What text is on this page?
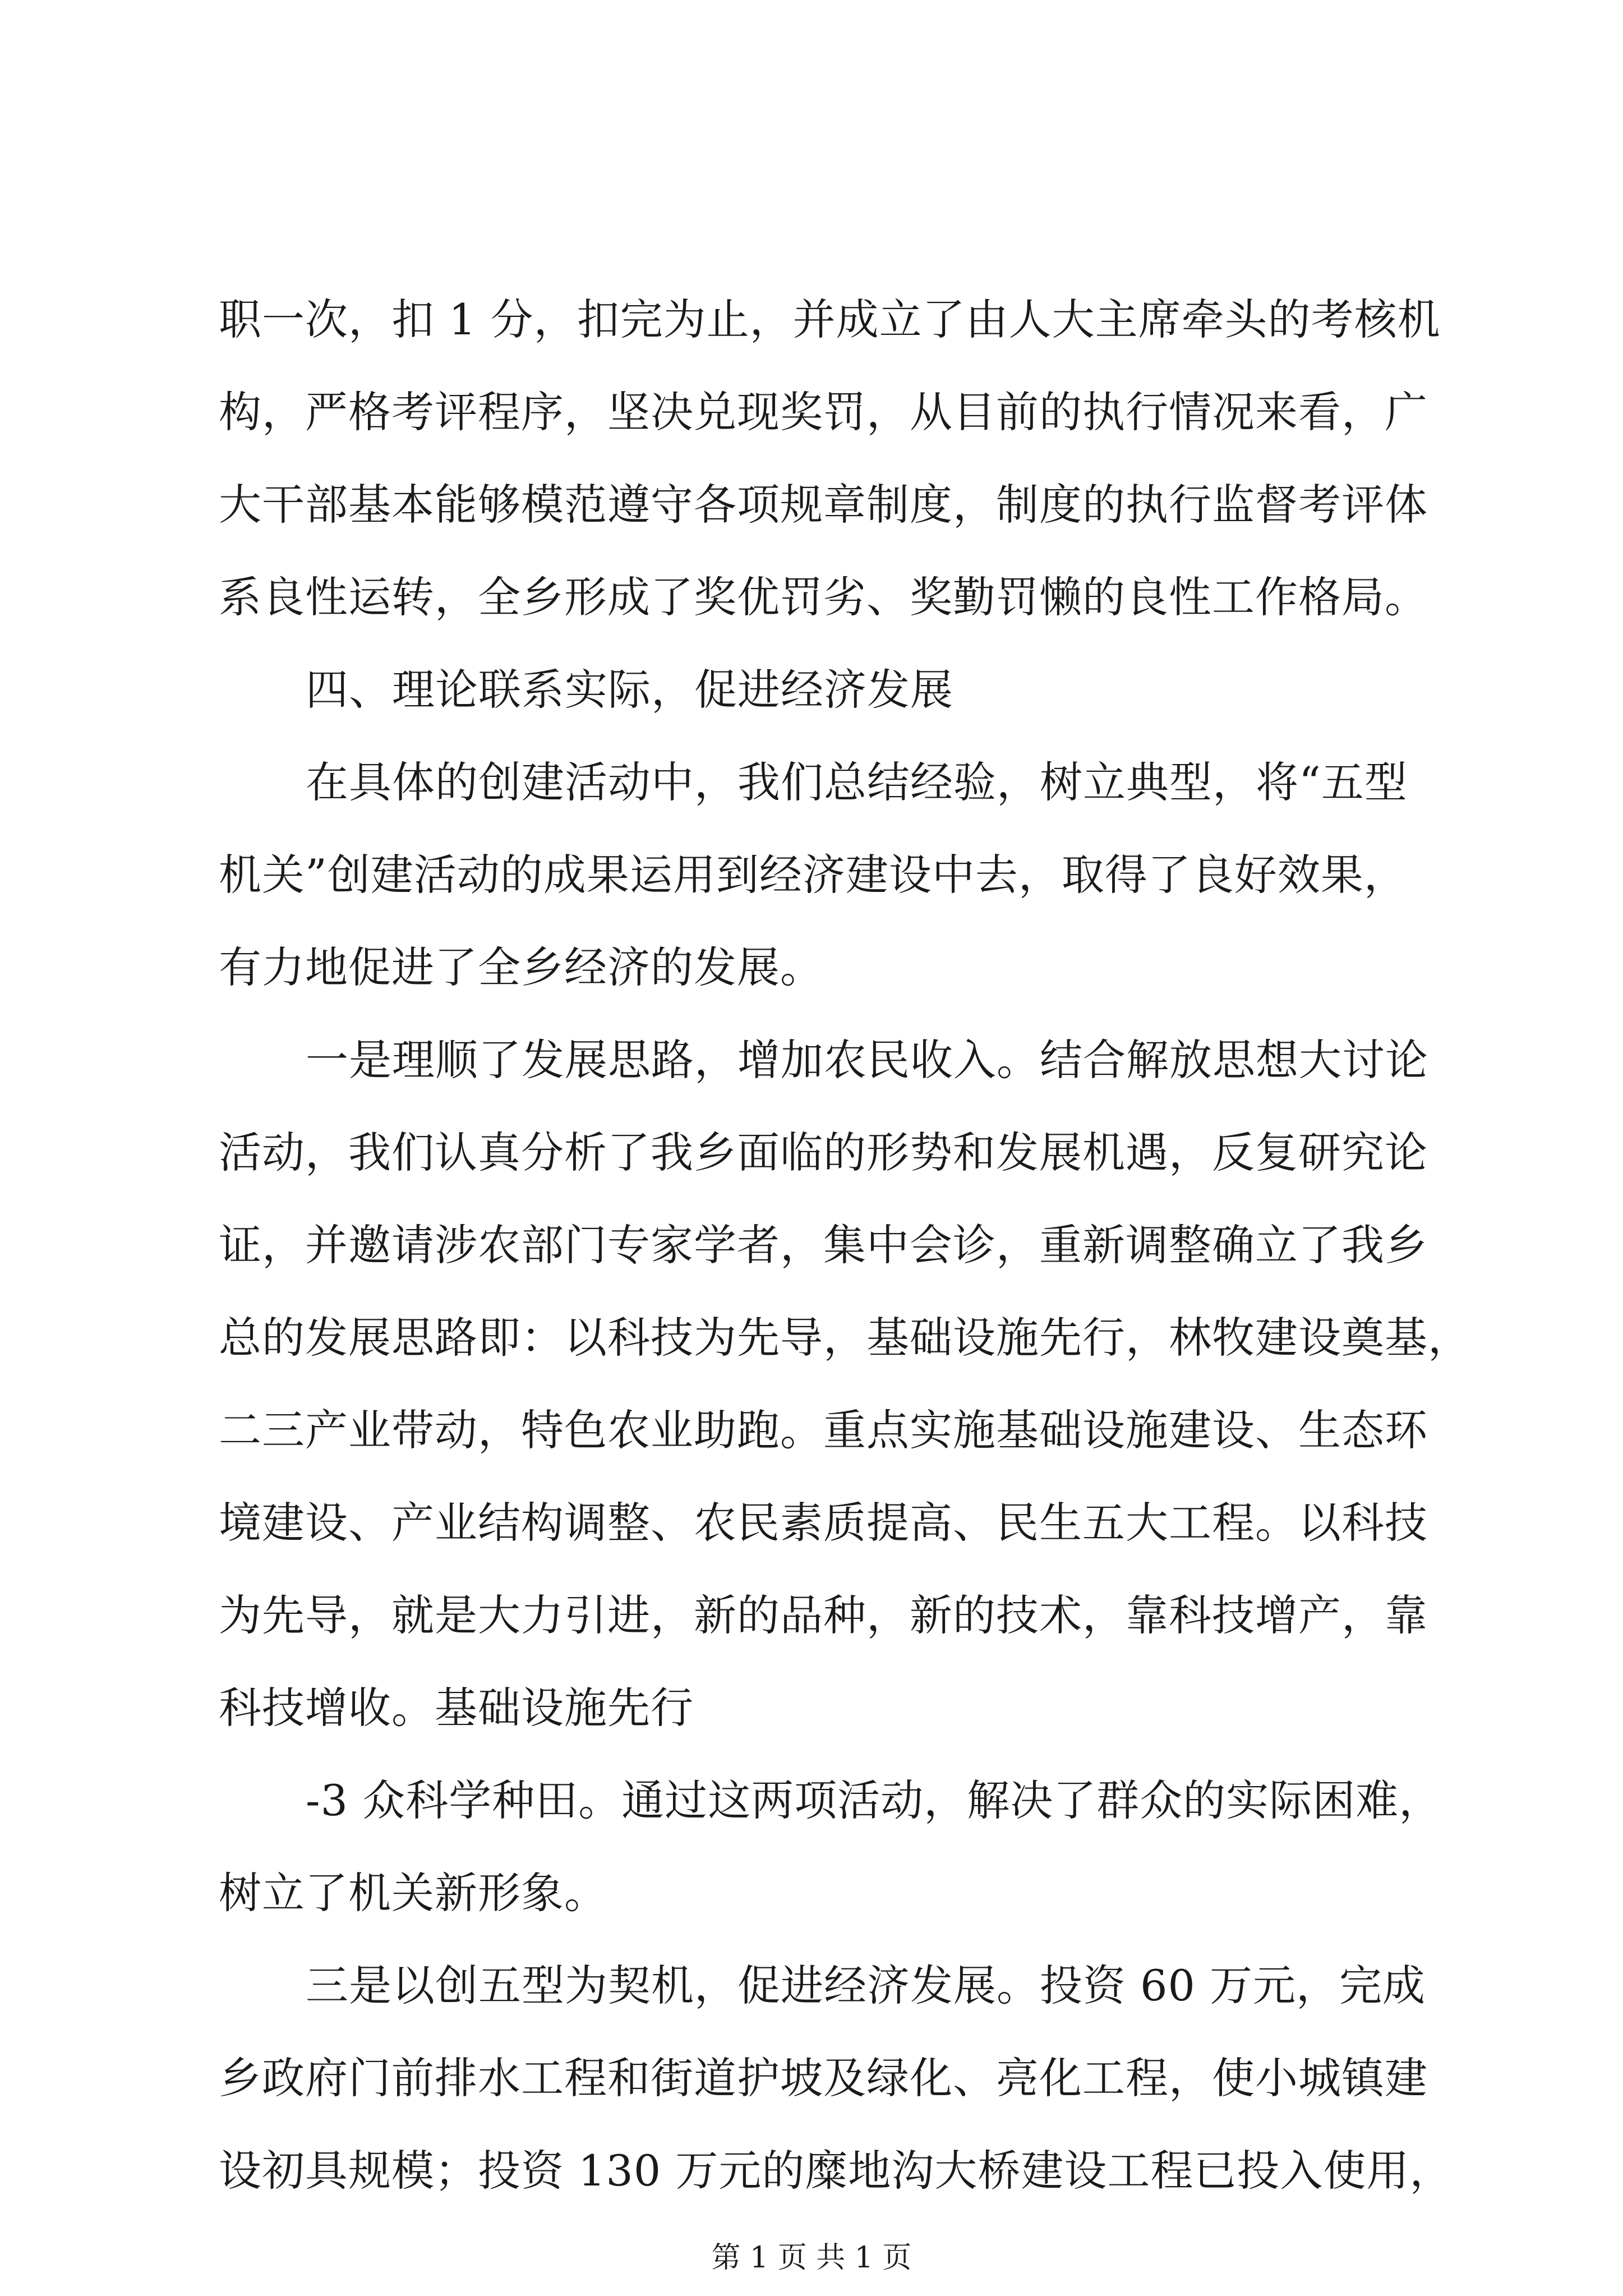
职一次，扣 1 分，扣完为止，并成立了由人大主席牵头的考核机
构，严格考评程序，坚决兑现奖罚，从目前的执行情况来看，广
大干部基本能够模范遵守各项规章制度，制度的执行监督考评体
系良性运转，全乡形成了奖优罚劣、奖勤罚懒的良性工作格局。
四、理论联系实际，促进经济发展
在具体的创建活动中，我们总结经验，树立典型，将“五型
机关”创建活动的成果运用到经济建设中去，取得了良好效果，
有力地促进了全乡经济的发展。
一是理顺了发展思路，增加农民收入。结合解放思想大讨论
活动，我们认真分析了我乡面临的形势和发展机遇，反复研究论
证，并邀请涉农部门专家学者，集中会诊，重新调整确立了我乡
总的发展思路即：以科技为先导，基础设施先行，林牧建设奠基，
二三产业带动，特色农业助跑。重点实施基础设施建设、生态环
境建设、产业结构调整、农民素质提高、民生五大工程。以科技
为先导，就是大力引进，新的品种，新的技术，靠科技增产，靠
科技增收。基础设施先行
-3 众科学种田。通过这两项活动，解决了群众的实际困难，
树立了机关新形象。
三是以创五型为契机，促进经济发展。投资 60 万元，完成
乡政府门前排水工程和街道护坡及绿化、亮化工程，使小城镇建
设初具规模；投资 130 万元的糜地沟大桥建设工程已投入使用，
第 1 页 共 1 页
